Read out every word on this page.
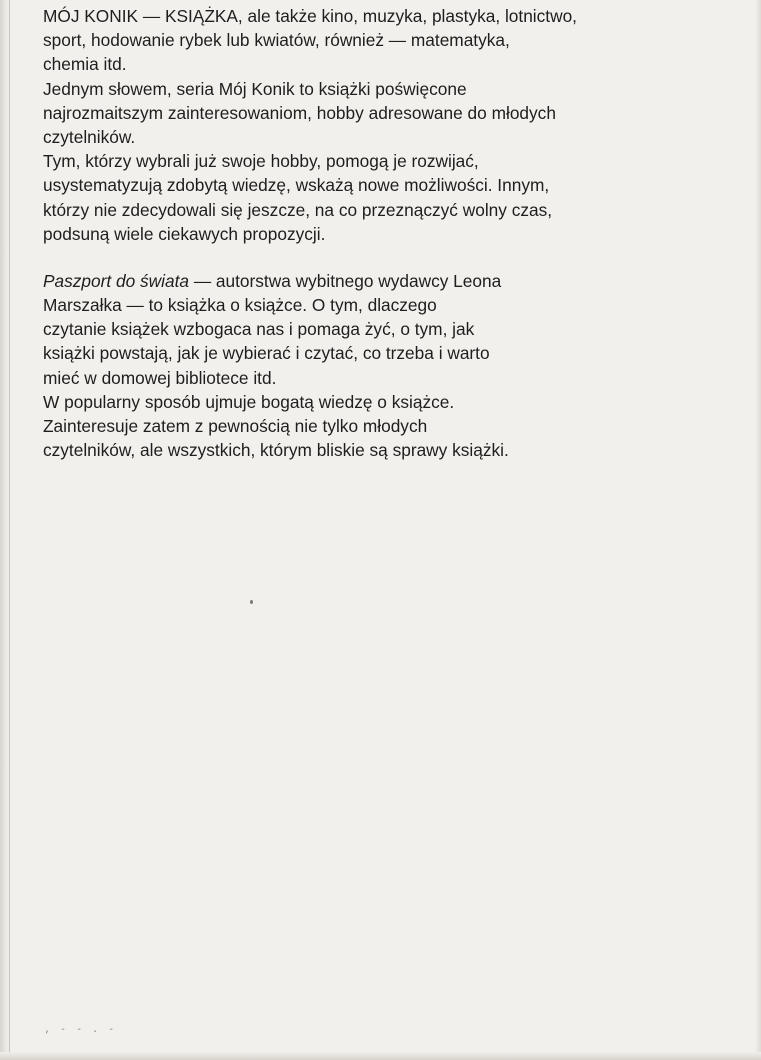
MÓJ KONIK — KSIĄŻKA, ale także kino, muzyka, plastyka, lotnictwo,
sport, hodowanie rybek lub kwiatów, również — matematyka,
chemia itd.
Jednym słowem, seria Mój Konik to książki poświęcone
najrozmaitszym zainteresowaniom, hobby adresowane do młodych
czytelników.
Tym, którzy wybrali już swoje hobby, pomogą je rozwijać,
usystematyzują zdobytą wiedzę, wskażą nowe możliwości. Innym,
którzy nie zdecydowali się jeszcze, na co przeznączyć wolny czas,
podsuną wiele ciekawych propozycji.
Paszport do świata — autorstwa wybitnego wydawcy Leona
Marszałka — to książka o książce. O tym, dlaczego
czytanie książek wzbogaca nas i pomaga żyć, o tym, jak
książki powstają, jak je wybierać i czytać, co trzeba i warto
mieć w domowej bibliotece itd.
W popularny sposób ujmuje bogatą wiedzę o książce.
Zainteresuje zatem z pewnością nie tylko młodych
czytelników, ale wszystkich, którym bliskie są sprawy książki.
, - - . -
